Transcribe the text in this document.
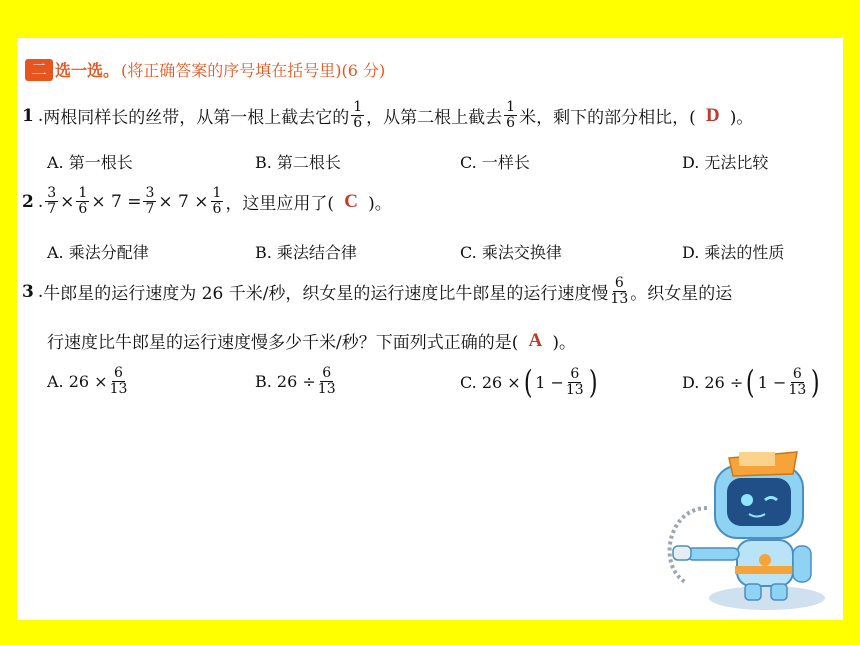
二 选一选。 (将正确答案的序号填在括号里)(6 分)
1 . 两根同样长的丝带，从第一根上截去它的 $\frac{1}{6}$ ，从第二根上截去 $\frac{1}{6}$ 米，剩下的部分相比，( D )。
A. 第一根长	B. 第二根长	C. 一样长	D. 无法比较
2 . $\frac{3}{7} \times \frac{1}{6} \times 7 = \frac{3}{7} \times 7 \times \frac{1}{6}$ ，这里应用了( C )。
A. 乘法分配律	B. 乘法结合律	C. 乘法交换律	D. 乘法的性质
3 . 牛郎星的运行速度为 26 千米/秒，织女星的运行速度比牛郎星的运行速度慢 $\frac{6}{13}$ 。织女星的运
行速度比牛郎星的运行速度慢多少千米/秒？下面列式正确的是( A )。
A. $26 \times \frac{6}{13}$	B. $26 \div \frac{6}{13}$	C. 26 × ( $1 - \frac{6}{13}$ )	D. 26 ÷ ( $1 - \frac{6}{13}$ )
